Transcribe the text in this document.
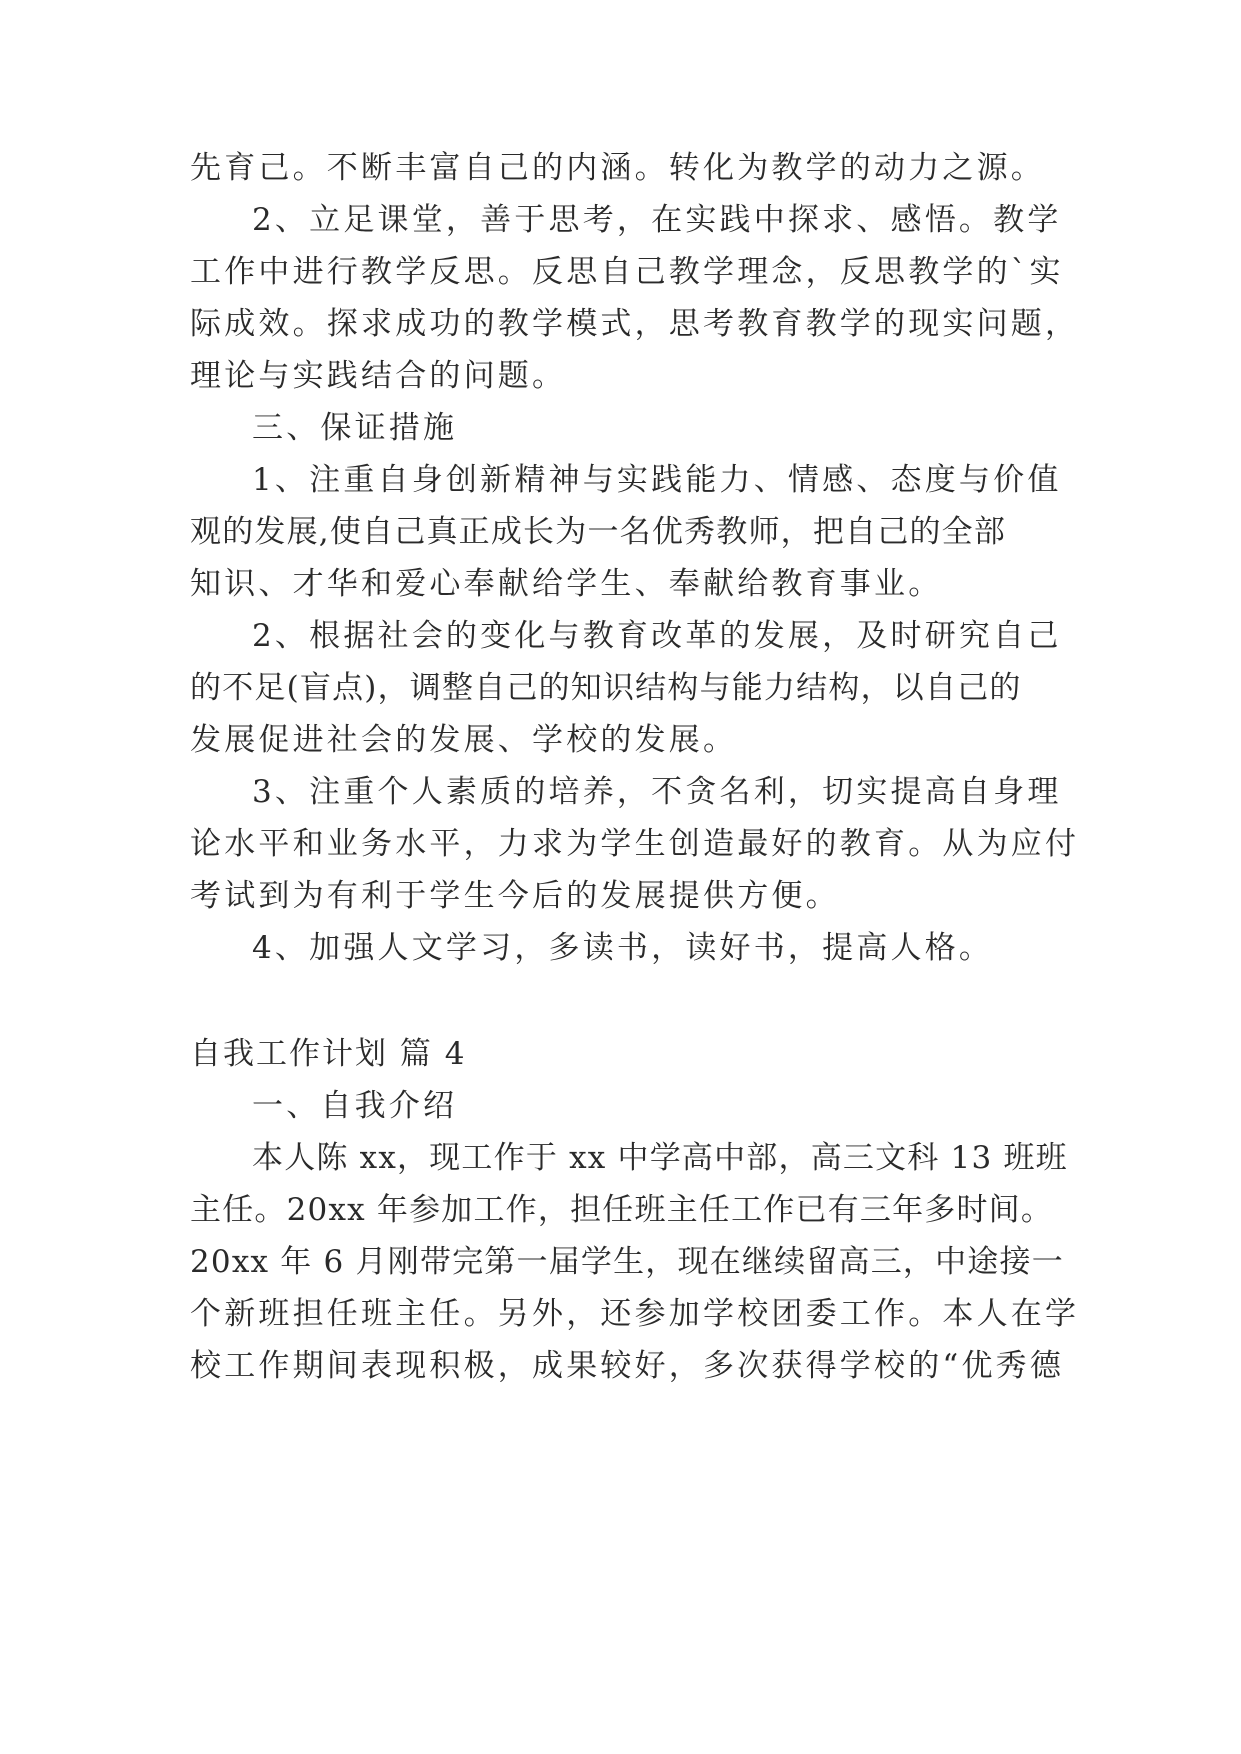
先育己。不断丰富自己的内涵。转化为教学的动力之源。
2、立足课堂，善于思考，在实践中探求、感悟。教学
工作中进行教学反思。反思自己教学理念，反思教学的`实
际成效。探求成功的教学模式，思考教育教学的现实问题，
理论与实践结合的问题。
三、保证措施
1、注重自身创新精神与实践能力、情感、态度与价值
观的发展,使自己真正成长为一名优秀教师，把自己的全部
知识、才华和爱心奉献给学生、奉献给教育事业。
2、根据社会的变化与教育改革的发展，及时研究自己
的不足(盲点)，调整自己的知识结构与能力结构，以自己的
发展促进社会的发展、学校的发展。
3、注重个人素质的培养，不贪名利，切实提高自身理
论水平和业务水平，力求为学生创造最好的教育。从为应付
考试到为有利于学生今后的发展提供方便。
4、加强人文学习，多读书，读好书，提高人格。
自我工作计划 篇 4
一、自我介绍
本人陈 xx，现工作于 xx 中学高中部，高三文科 13 班班
主任。20xx 年参加工作，担任班主任工作已有三年多时间。
20xx 年 6 月刚带完第一届学生，现在继续留高三，中途接一
个新班担任班主任。另外，还参加学校团委工作。本人在学
校工作期间表现积极，成果较好，多次获得学校的“优秀德
